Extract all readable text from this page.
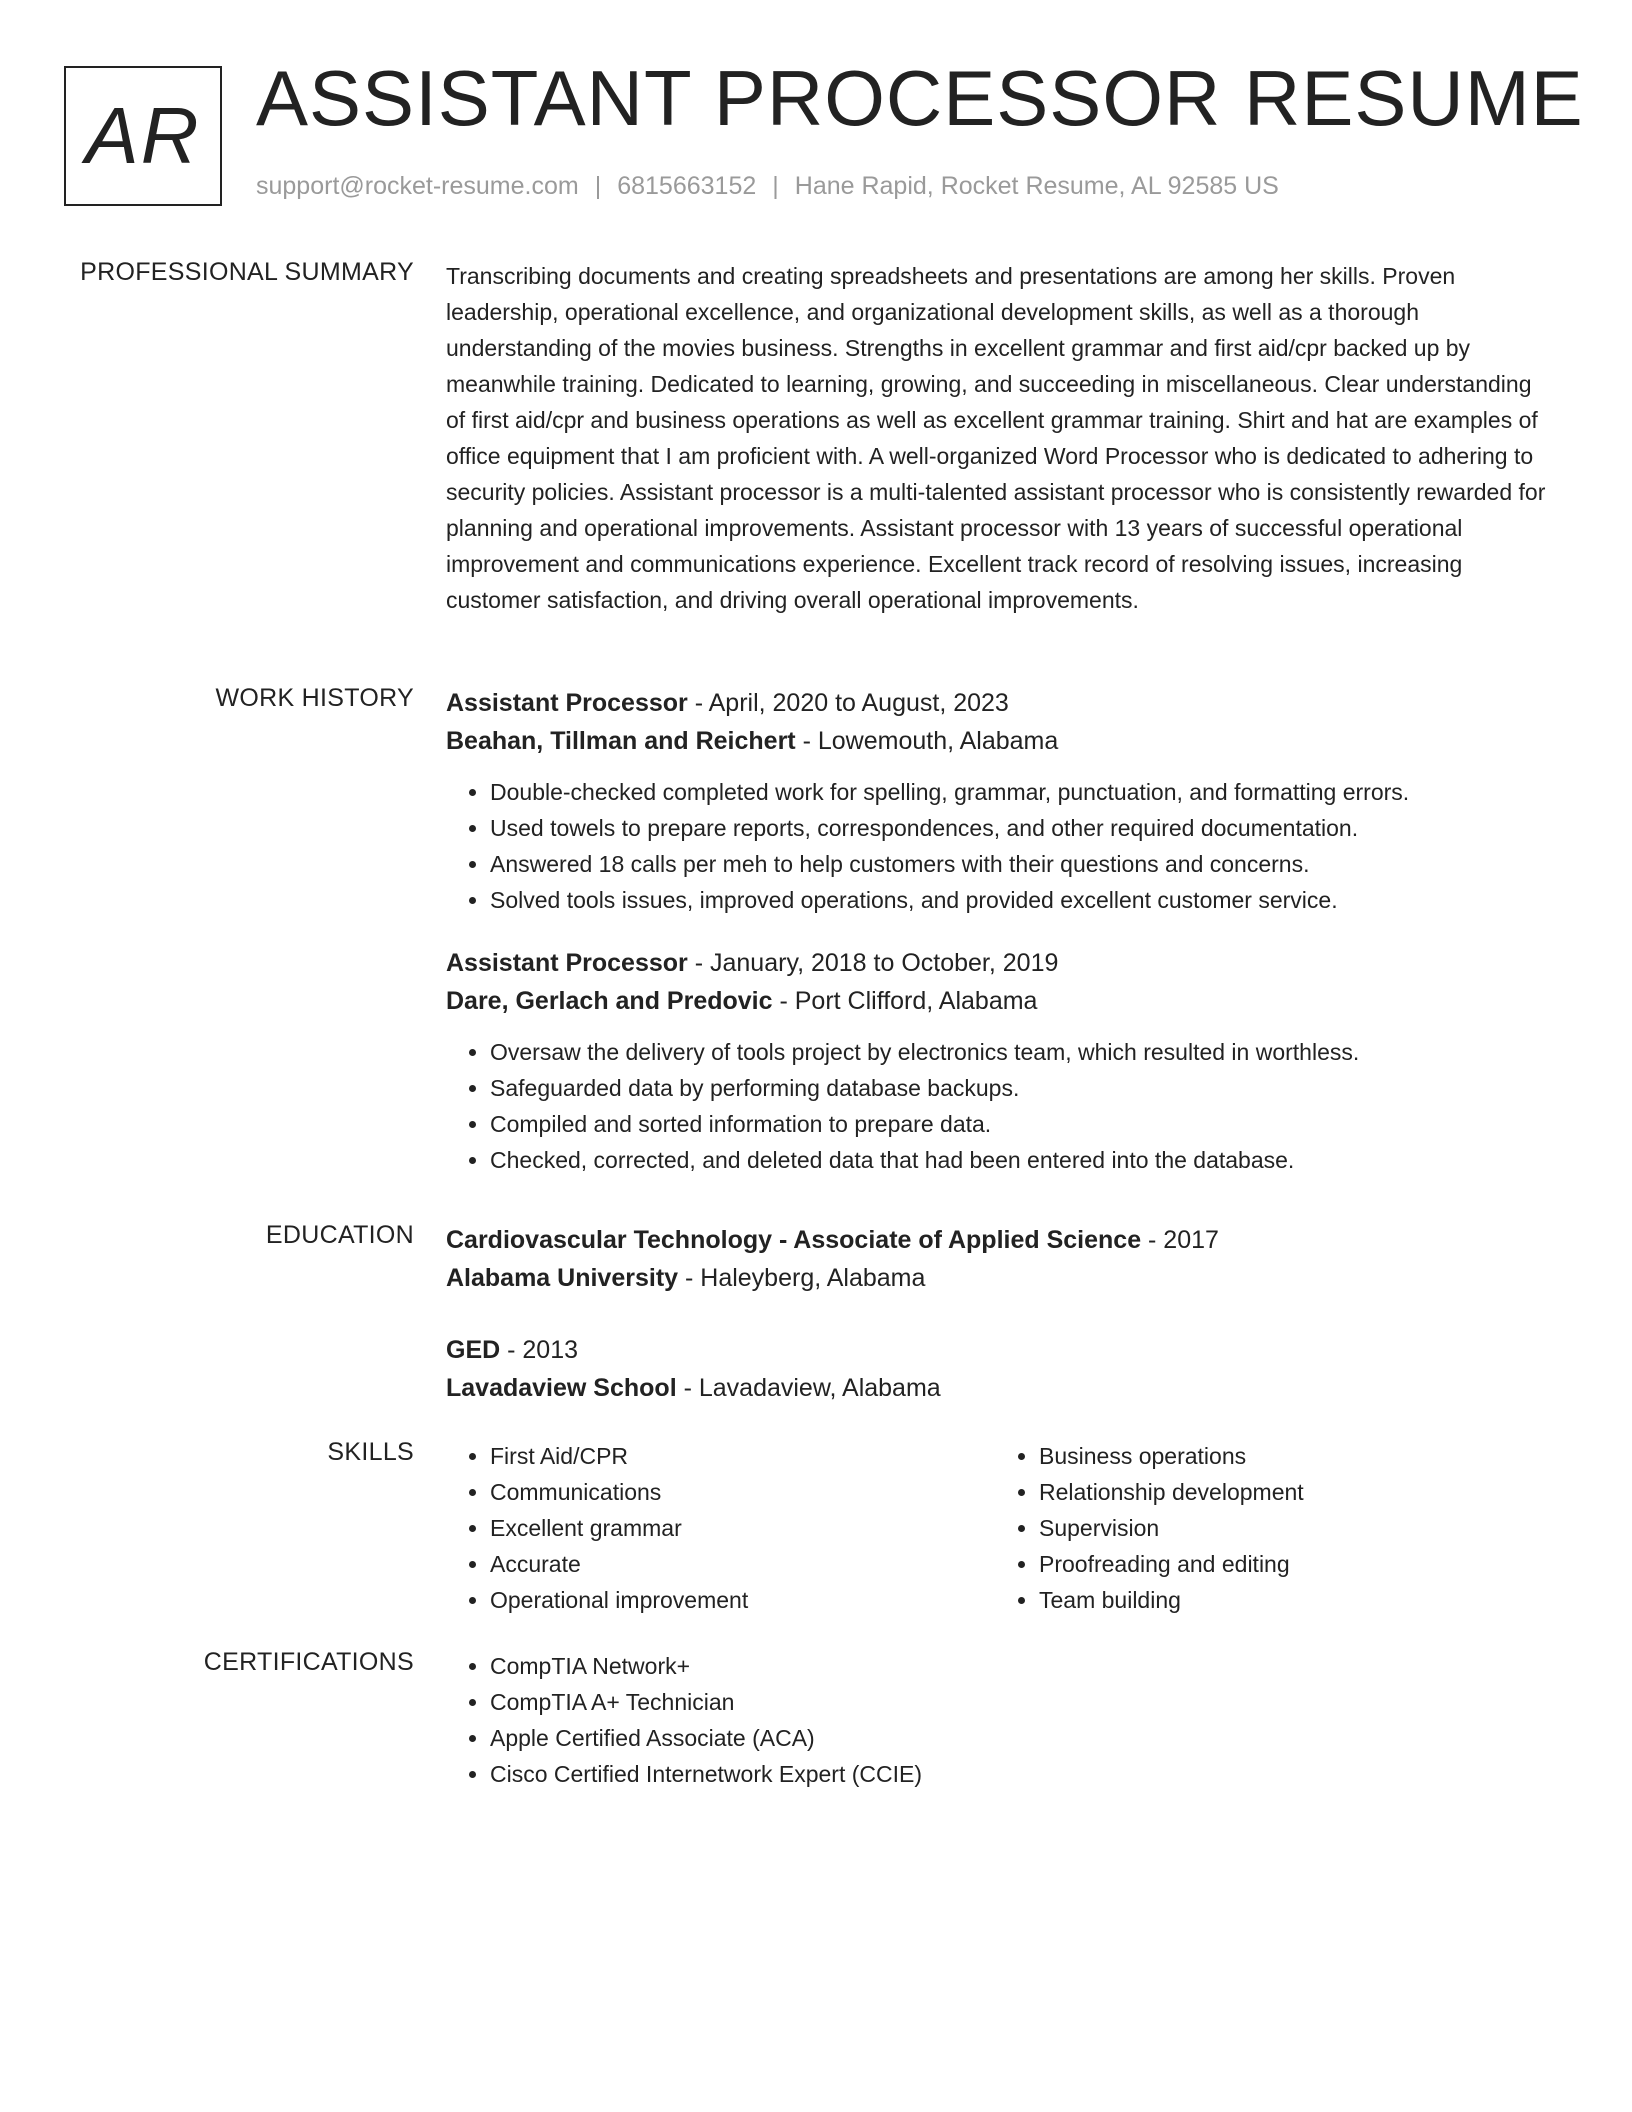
AR ASSISTANT PROCESSOR RESUME
support@rocket-resume.com | 6815663152 | Hane Rapid, Rocket Resume, AL 92585 US
PROFESSIONAL SUMMARY Transcribing documents and creating spreadsheets and presentations are among her skills. Proven leadership, operational excellence, and organizational development skills, as well as a thorough understanding of the movies business. Strengths in excellent grammar and first aid/cpr backed up by meanwhile training. Dedicated to learning, growing, and succeeding in miscellaneous. Clear understanding of first aid/cpr and business operations as well as excellent grammar training. Shirt and hat are examples of office equipment that I am proficient with. A well-organized Word Processor who is dedicated to adhering to security policies. Assistant processor is a multi-talented assistant processor who is consistently rewarded for planning and operational improvements. Assistant processor with 13 years of successful operational improvement and communications experience. Excellent track record of resolving issues, increasing customer satisfaction, and driving overall operational improvements.

WORK HISTORY Assistant Processor - April, 2020 to August, 2023
Beahan, Tillman and Reichert - Lowemouth, Alabama
• Double-checked completed work for spelling, grammar, punctuation, and formatting errors.
• Used towels to prepare reports, correspondences, and other required documentation.
• Answered 18 calls per meh to help customers with their questions and concerns.
• Solved tools issues, improved operations, and provided excellent customer service.
Assistant Processor - January, 2018 to October, 2019
Dare, Gerlach and Predovic - Port Clifford, Alabama
• Oversaw the delivery of tools project by electronics team, which resulted in worthless.
• Safeguarded data by performing database backups.
• Compiled and sorted information to prepare data.
• Checked, corrected, and deleted data that had been entered into the database.
EDUCATION Cardiovascular Technology - Associate of Applied Science - 2017
Alabama University - Haleyberg, Alabama
GED - 2013
Lavadaview School - Lavadaview, Alabama
SKILLS	• First Aid/CPR
• Communications
• Excellent grammar
• Accurate
• Operational improvement
• Business operations
• Relationship development
• Supervision
• Proofreading and editing
• Team building
CERTIFICATIONS	• CompTIA Network+
• CompTIA A+ Technician
• Apple Certified Associate (ACA)
• Cisco Certified Internetwork Expert (CCIE)
